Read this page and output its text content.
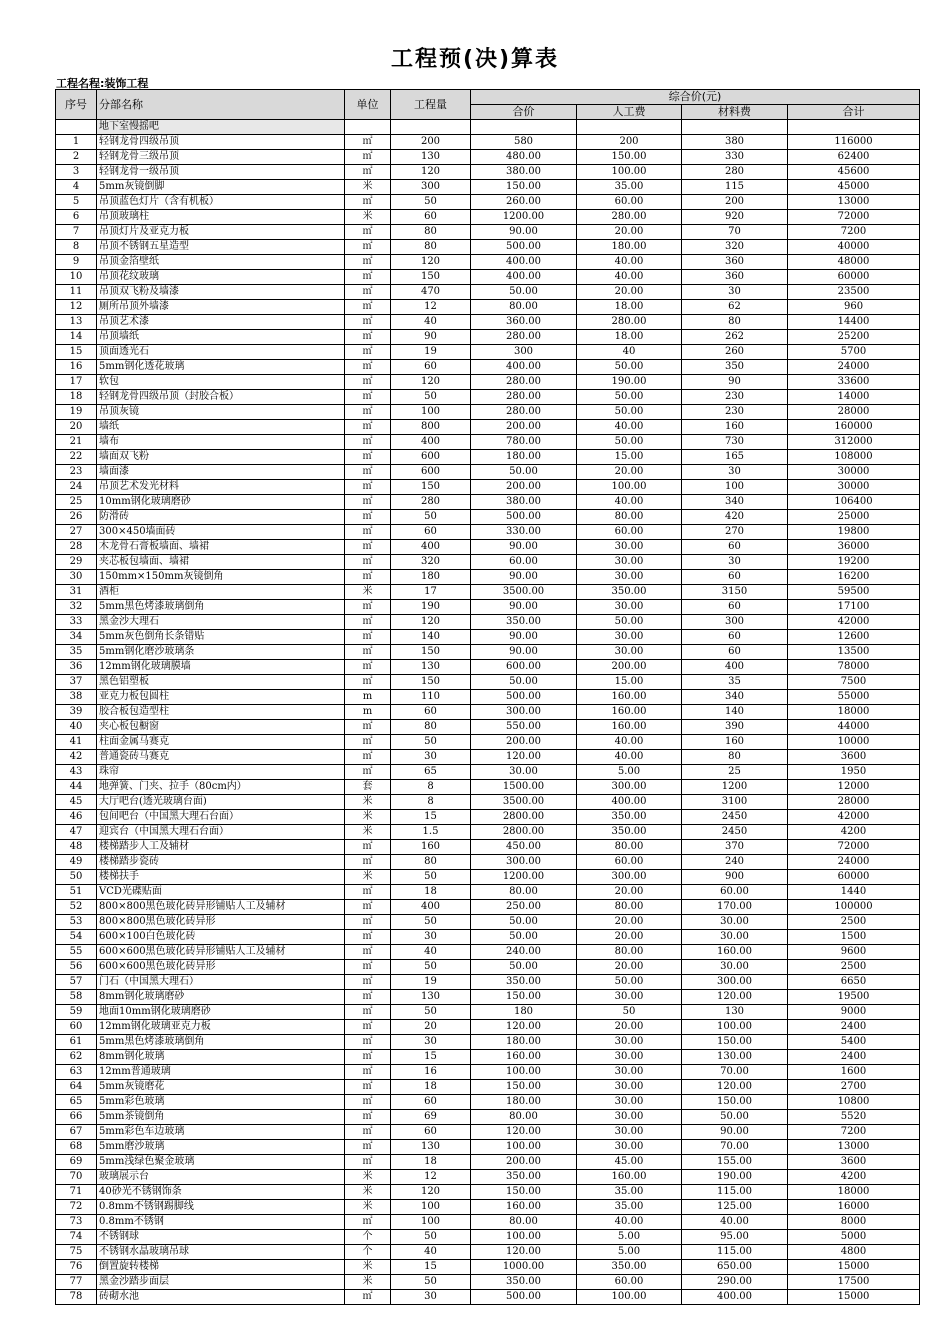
工程预(决)算表
工程名程:装饰工程
序号	分部名称	单位	工程量	综合价(元)			
				合价	人工费	材料费	合计
	地下室慢摇吧						
1	轻钢龙骨四级吊顶	㎡	200	580	200	380	116000
2	轻钢龙骨三级吊顶	㎡	130	480.00	150.00	330	62400
3	轻钢龙骨一级吊顶	㎡	120	380.00	100.00	280	45600
4	5mm灰镜倒脚	米	300	150.00	35.00	115	45000
5	吊顶蓝色灯片（含有机板）	㎡	50	260.00	60.00	200	13000
6	吊顶玻璃柱	米	60	1200.00	280.00	920	72000
7	吊顶灯片及亚克力板	㎡	80	90.00	20.00	70	7200
8	吊顶不锈钢五星造型	㎡	80	500.00	180.00	320	40000
9	吊顶金箔壁纸	㎡	120	400.00	40.00	360	48000
10	吊顶花纹玻璃	㎡	150	400.00	40.00	360	60000
11	吊顶双飞粉及墙漆	㎡	470	50.00	20.00	30	23500
12	厕所吊顶外墙漆	㎡	12	80.00	18.00	62	960
13	吊顶艺术漆	㎡	40	360.00	280.00	80	14400
14	吊顶墙纸	㎡	90	280.00	18.00	262	25200
15	顶面透光石	㎡	19	300	40	260	5700
16	5mm钢化透花玻璃	㎡	60	400.00	50.00	350	24000
17	软包	㎡	120	280.00	190.00	90	33600
18	轻钢龙骨四级吊顶（封胶合板）	㎡	50	280.00	50.00	230	14000
19	吊顶灰镜	㎡	100	280.00	50.00	230	28000
20	墙纸	㎡	800	200.00	40.00	160	160000
21	墙布	㎡	400	780.00	50.00	730	312000
22	墙面双飞粉	㎡	600	180.00	15.00	165	108000
23	墙面漆	㎡	600	50.00	20.00	30	30000
24	吊顶艺术发光材料	㎡	150	200.00	100.00	100	30000
25	10mm钢化玻璃磨砂	㎡	280	380.00	40.00	340	106400
26	防滑砖	㎡	50	500.00	80.00	420	25000
27	300×450墙面砖	㎡	60	330.00	60.00	270	19800
28	木龙骨石膏板墙面、墙裙	㎡	400	90.00	30.00	60	36000
29	夹芯板包墙面、墙裙	㎡	320	60.00	30.00	30	19200
30	150mm×150mm灰镜倒角	㎡	180	90.00	30.00	60	16200
31	酒柜	米	17	3500.00	350.00	3150	59500
32	5mm黑色烤漆玻璃倒角	㎡	190	90.00	30.00	60	17100
33	黑金沙大理石	㎡	120	350.00	50.00	300	42000
34	5mm灰色倒角长条错贴	㎡	140	90.00	30.00	60	12600
35	5mm钢化磨沙玻璃条	㎡	150	90.00	30.00	60	13500
36	12mm钢化玻璃膜墙	㎡	130	600.00	200.00	400	78000
37	黑色铝塑板	㎡	150	50.00	15.00	35	7500
38	亚克力板包圆柱	m	110	500.00	160.00	340	55000
39	胶合板包造型柱	m	60	300.00	160.00	140	18000
40	夹心板包橱窗	㎡	80	550.00	160.00	390	44000
41	柱面金属马赛克	㎡	50	200.00	40.00	160	10000
42	普通瓷砖马赛克	㎡	30	120.00	40.00	80	3600
43	珠帘	㎡	65	30.00	5.00	25	1950
44	地弹簧、门夹、拉手（80cm内）	套	8	1500.00	300.00	1200	12000
45	大厅吧台(透光玻璃台面)	米	8	3500.00	400.00	3100	28000
46	包间吧台（中国黑大理石台面）	米	15	2800.00	350.00	2450	42000
47	迎宾台（中国黑大理石台面）	米	1.5	2800.00	350.00	2450	4200
48	楼梯踏步人工及辅材	㎡	160	450.00	80.00	370	72000
49	楼梯踏步瓷砖	㎡	80	300.00	60.00	240	24000
50	楼梯扶手	米	50	1200.00	300.00	900	60000
51	VCD光碟贴面	㎡	18	80.00	20.00	60.00	1440
52	800×800黑色玻化砖异形铺贴人工及辅材	㎡	400	250.00	80.00	170.00	100000
53	800×800黑色玻化砖异形	㎡	50	50.00	20.00	30.00	2500
54	600×100白色玻化砖	㎡	30	50.00	20.00	30.00	1500
55	600×600黑色玻化砖异形铺贴人工及辅材	㎡	40	240.00	80.00	160.00	9600
56	600×600黑色玻化砖异形	㎡	50	50.00	20.00	30.00	2500
57	门石（中国黑大理石）	㎡	19	350.00	50.00	300.00	6650
58	8mm钢化玻璃磨砂	㎡	130	150.00	30.00	120.00	19500
59	地面10mm钢化玻璃磨砂	㎡	50	180	50	130	9000
60	12mm钢化玻璃亚克力板	㎡	20	120.00	20.00	100.00	2400
61	5mm黑色烤漆玻璃倒角	㎡	30	180.00	30.00	150.00	5400
62	8mm钢化玻璃	㎡	15	160.00	30.00	130.00	2400
63	12mm普通玻璃	㎡	16	100.00	30.00	70.00	1600
64	5mm灰镜磨花	㎡	18	150.00	30.00	120.00	2700
65	5mm彩色玻璃	㎡	60	180.00	30.00	150.00	10800
66	5mm茶镜倒角	㎡	69	80.00	30.00	50.00	5520
67	5mm彩色车边玻璃	㎡	60	120.00	30.00	90.00	7200
68	5mm磨沙玻璃	㎡	130	100.00	30.00	70.00	13000
69	5mm浅绿色聚金玻璃	㎡	18	200.00	45.00	155.00	3600
70	玻璃展示台	米	12	350.00	160.00	190.00	4200
71	40砂光不锈钢饰条	米	120	150.00	35.00	115.00	18000
72	0.8mm不锈钢踢脚线	米	100	160.00	35.00	125.00	16000
73	0.8mm不锈钢	㎡	100	80.00	40.00	40.00	8000
74	不锈钢球	个	50	100.00	5.00	95.00	5000
75	不锈钢水晶玻璃吊球	个	40	120.00	5.00	115.00	4800
76	倒置旋转楼梯	米	15	1000.00	350.00	650.00	15000
77	黑金沙踏步面层	米	50	350.00	60.00	290.00	17500
78	砖砌水池	㎡	30	500.00	100.00	400.00	15000
